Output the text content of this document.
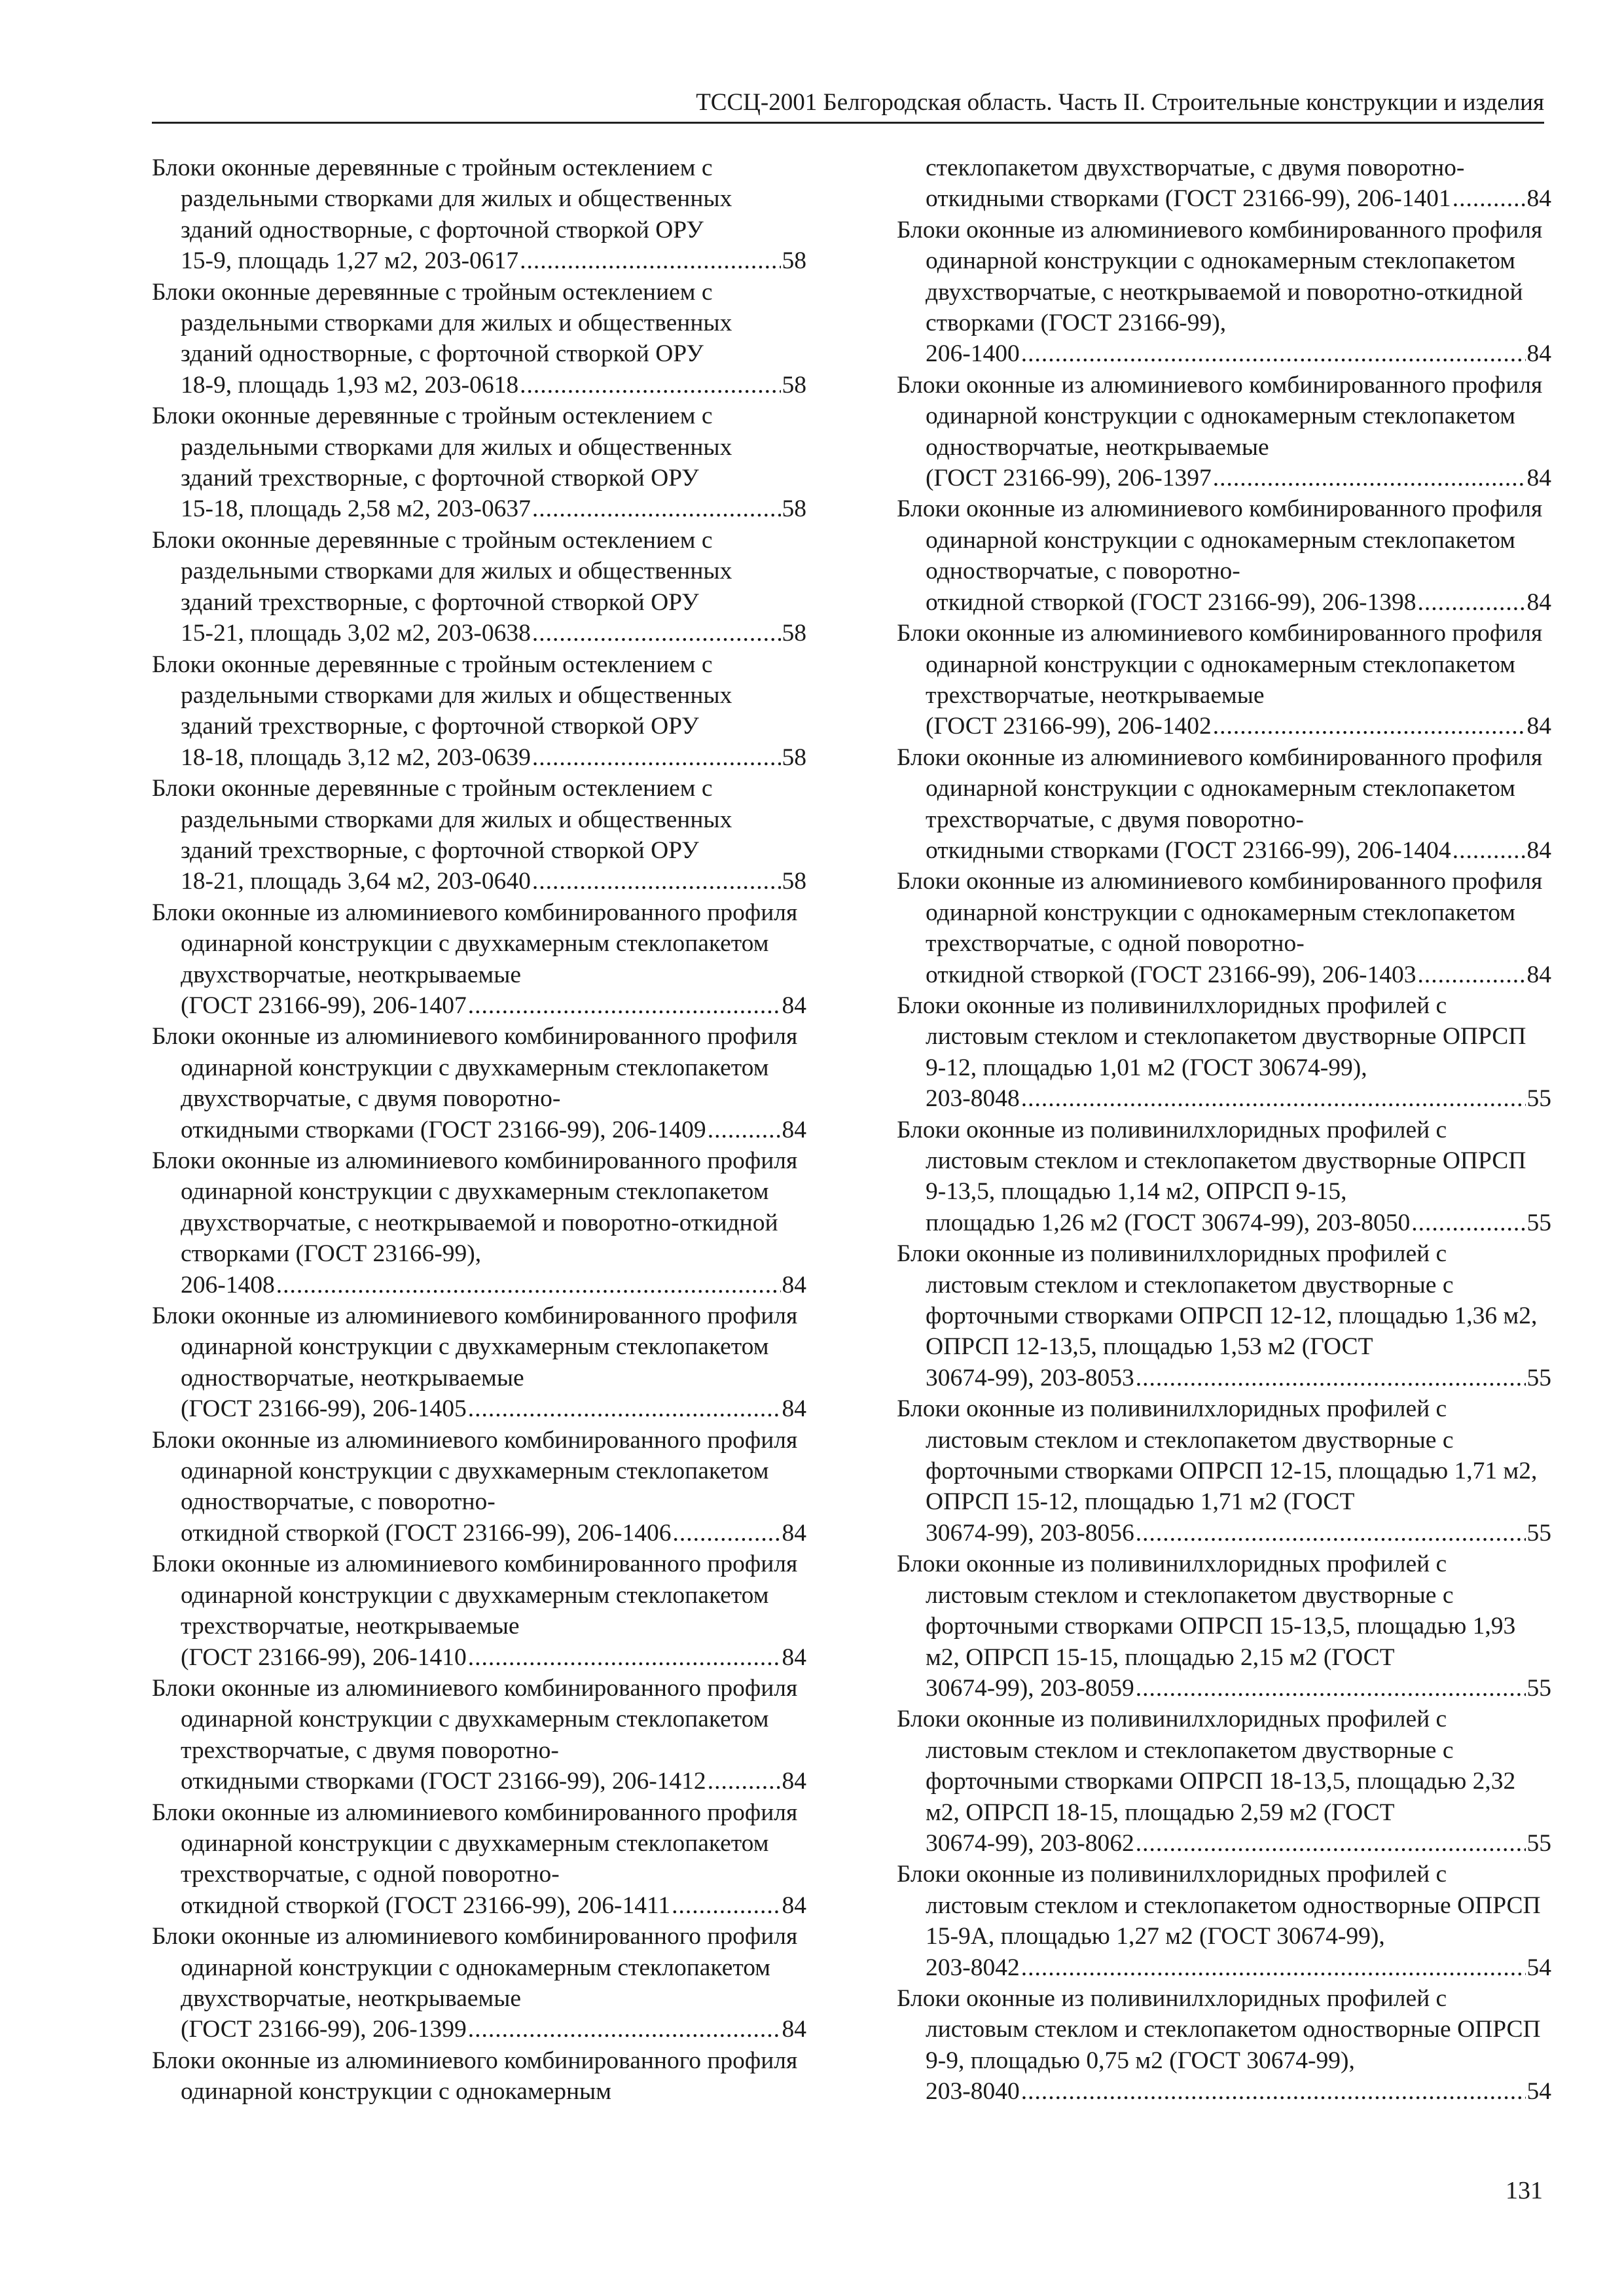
ТССЦ-2001 Белгородская область. Часть II. Строительные конструкции и изделия
Блоки оконные деревянные с тройным остеклением с раздельными створками для жилых и общественных зданий одностворные, с форточной створкой ОРУ
15-9, площадь 1,27 м2, 203-0617 .....	58
Блоки оконные деревянные с тройным остеклением с раздельными створками для жилых и общественных зданий одностворные, с форточной створкой ОРУ
18-9, площадь 1,93 м2, 203-0618 .....	58
Блоки оконные деревянные с тройным остеклением с раздельными створками для жилых и общественных зданий трехстворные, с форточной створкой ОРУ
15-18, площадь 2,58 м2, 203-0637 .....	58
Блоки оконные деревянные с тройным остеклением с раздельными створками для жилых и общественных зданий трехстворные, с форточной створкой ОРУ
15-21, площадь 3,02 м2, 203-0638 .....	58
Блоки оконные деревянные с тройным остеклением с раздельными створками для жилых и общественных зданий трехстворные, с форточной створкой ОРУ
18-18, площадь 3,12 м2, 203-0639 .....	58
Блоки оконные деревянные с тройным остеклением с раздельными створками для жилых и общественных зданий трехстворные, с форточной створкой ОРУ
18-21, площадь 3,64 м2, 203-0640 .....	58
Блоки оконные из алюминиевого комбинированного профиля одинарной конструкции с двухкамерным стеклопакетом двухстворчатые, неоткрываемые
(ГОСТ 23166-99), 206-1407 .....	84
Блоки оконные из алюминиевого комбинированного профиля одинарной конструкции с двухкамерным стеклопакетом двухстворчатые, с двумя поворотно-
откидными створками (ГОСТ 23166-99), 206-1409 .....	84
Блоки оконные из алюминиевого комбинированного профиля одинарной конструкции с двухкамерным стеклопакетом двухстворчатые, с неоткрываемой и поворотно-откидной створками (ГОСТ 23166-99),
206-1408 .....	84
Блоки оконные из алюминиевого комбинированного профиля одинарной конструкции с двухкамерным стеклопакетом одностворчатые, неоткрываемые
(ГОСТ 23166-99), 206-1405 .....	84
Блоки оконные из алюминиевого комбинированного профиля одинарной конструкции с двухкамерным стеклопакетом одностворчатые, с поворотно-
откидной створкой (ГОСТ 23166-99), 206-1406 .....	84
Блоки оконные из алюминиевого комбинированного профиля одинарной конструкции с двухкамерным стеклопакетом трехстворчатые, неоткрываемые
(ГОСТ 23166-99), 206-1410 .....	84
Блоки оконные из алюминиевого комбинированного профиля одинарной конструкции с двухкамерным стеклопакетом трехстворчатые, с двумя поворотно-
откидными створками (ГОСТ 23166-99), 206-1412 .....	84
Блоки оконные из алюминиевого комбинированного профиля одинарной конструкции с двухкамерным стеклопакетом трехстворчатые, с одной поворотно-
откидной створкой (ГОСТ 23166-99), 206-1411 .....	84
Блоки оконные из алюминиевого комбинированного профиля одинарной конструкции с однокамерным стеклопакетом двухстворчатые, неоткрываемые
(ГОСТ 23166-99), 206-1399 .....	84
Блоки оконные из алюминиевого комбинированного профиля одинарной конструкции с однокамерным
стеклопакетом двухстворчатые, с двумя поворотно-
откидными створками (ГОСТ 23166-99), 206-1401 .....	84
Блоки оконные из алюминиевого комбинированного профиля одинарной конструкции с однокамерным стеклопакетом двухстворчатые, с неоткрываемой и поворотно-откидной створками (ГОСТ 23166-99),
206-1400 .....	84
Блоки оконные из алюминиевого комбинированного профиля одинарной конструкции с однокамерным стеклопакетом одностворчатые, неоткрываемые
(ГОСТ 23166-99), 206-1397 .....	84
Блоки оконные из алюминиевого комбинированного профиля одинарной конструкции с однокамерным стеклопакетом одностворчатые, с поворотно-
откидной створкой (ГОСТ 23166-99), 206-1398 .....	84
Блоки оконные из алюминиевого комбинированного профиля одинарной конструкции с однокамерным стеклопакетом трехстворчатые, неоткрываемые
(ГОСТ 23166-99), 206-1402 .....	84
Блоки оконные из алюминиевого комбинированного профиля одинарной конструкции с однокамерным стеклопакетом трехстворчатые, с двумя поворотно-
откидными створками (ГОСТ 23166-99), 206-1404 .....	84
Блоки оконные из алюминиевого комбинированного профиля одинарной конструкции с однокамерным стеклопакетом трехстворчатые, с одной поворотно-
откидной створкой (ГОСТ 23166-99), 206-1403 .....	84
Блоки оконные из поливинилхлоридных профилей с листовым стеклом и стеклопакетом двустворные ОПРСП 9-12, площадью 1,01 м2 (ГОСТ 30674-99),
203-8048 .....	55
Блоки оконные из поливинилхлоридных профилей с листовым стеклом и стеклопакетом двустворные ОПРСП 9-13,5, площадью 1,14 м2, ОПРСП 9-15,
площадью 1,26 м2 (ГОСТ 30674-99), 203-8050 .....	55
Блоки оконные из поливинилхлоридных профилей с листовым стеклом и стеклопакетом двустворные с форточными створками ОПРСП 12-12, площадью 1,36 м2, ОПРСП 12-13,5, площадью 1,53 м2 (ГОСТ
30674-99), 203-8053 .....	55
Блоки оконные из поливинилхлоридных профилей с листовым стеклом и стеклопакетом двустворные с форточными створками ОПРСП 12-15, площадью 1,71 м2, ОПРСП 15-12, площадью 1,71 м2 (ГОСТ
30674-99), 203-8056 .....	55
Блоки оконные из поливинилхлоридных профилей с листовым стеклом и стеклопакетом двустворные с форточными створками ОПРСП 15-13,5, площадью 1,93 м2, ОПРСП 15-15, площадью 2,15 м2 (ГОСТ
30674-99), 203-8059 .....	55
Блоки оконные из поливинилхлоридных профилей с листовым стеклом и стеклопакетом двустворные с форточными створками ОПРСП 18-13,5, площадью 2,32 м2, ОПРСП 18-15, площадью 2,59 м2 (ГОСТ
30674-99), 203-8062 .....	55
Блоки оконные из поливинилхлоридных профилей с листовым стеклом и стеклопакетом одностворные ОПРСП 15-9А, площадью 1,27 м2 (ГОСТ 30674-99),
203-8042 .....	54
Блоки оконные из поливинилхлоридных профилей с листовым стеклом и стеклопакетом одностворные ОПРСП 9-9, площадью 0,75 м2 (ГОСТ 30674-99),
203-8040 .....	54
131
